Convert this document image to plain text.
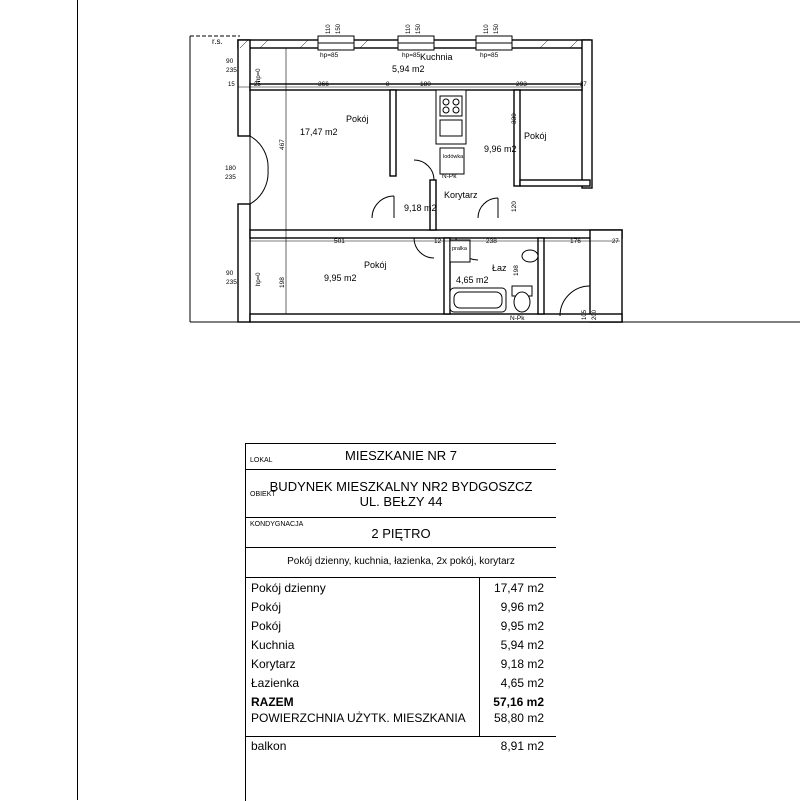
Pokój
17,47 m2
Kuchnia
5,94 m2
Pokój
9,96 m2
Korytarz
9,18 m2
Pokój
9,95 m2
Łaz
4,65 m2
r.s.
hp=85	hp=85	hp=85
366	180	293
15	25	27
8
501	12	238	176	27
467
339
120
198
198
hp=0
hp=0
90
235
180
235
90
235
110 150	110 150	110 150
lodówka
pralka
N-Pk
N-Pk	105 200
LOKAL	MIESZKANIE NR 7
OBIEKT
BUDYNEK MIESZKALNY NR2 BYDGOSZCZ
UL. BEŁZY 44
KONDYGNACJA
2 PIĘTRO
Pokój dzienny, kuchnia, łazienka, 2x pokój, korytarz
Pokój dzienny	17,47 m2
Pokój	9,96 m2
Pokój	9,95 m2
Kuchnia	5,94 m2
Korytarz	9,18 m2
Łazienka	4,65 m2
RAZEM	57,16 m2
POWIERZCHNIA UŻYTK. MIESZKANIA 58,80 m2
balkon	8,91 m2
